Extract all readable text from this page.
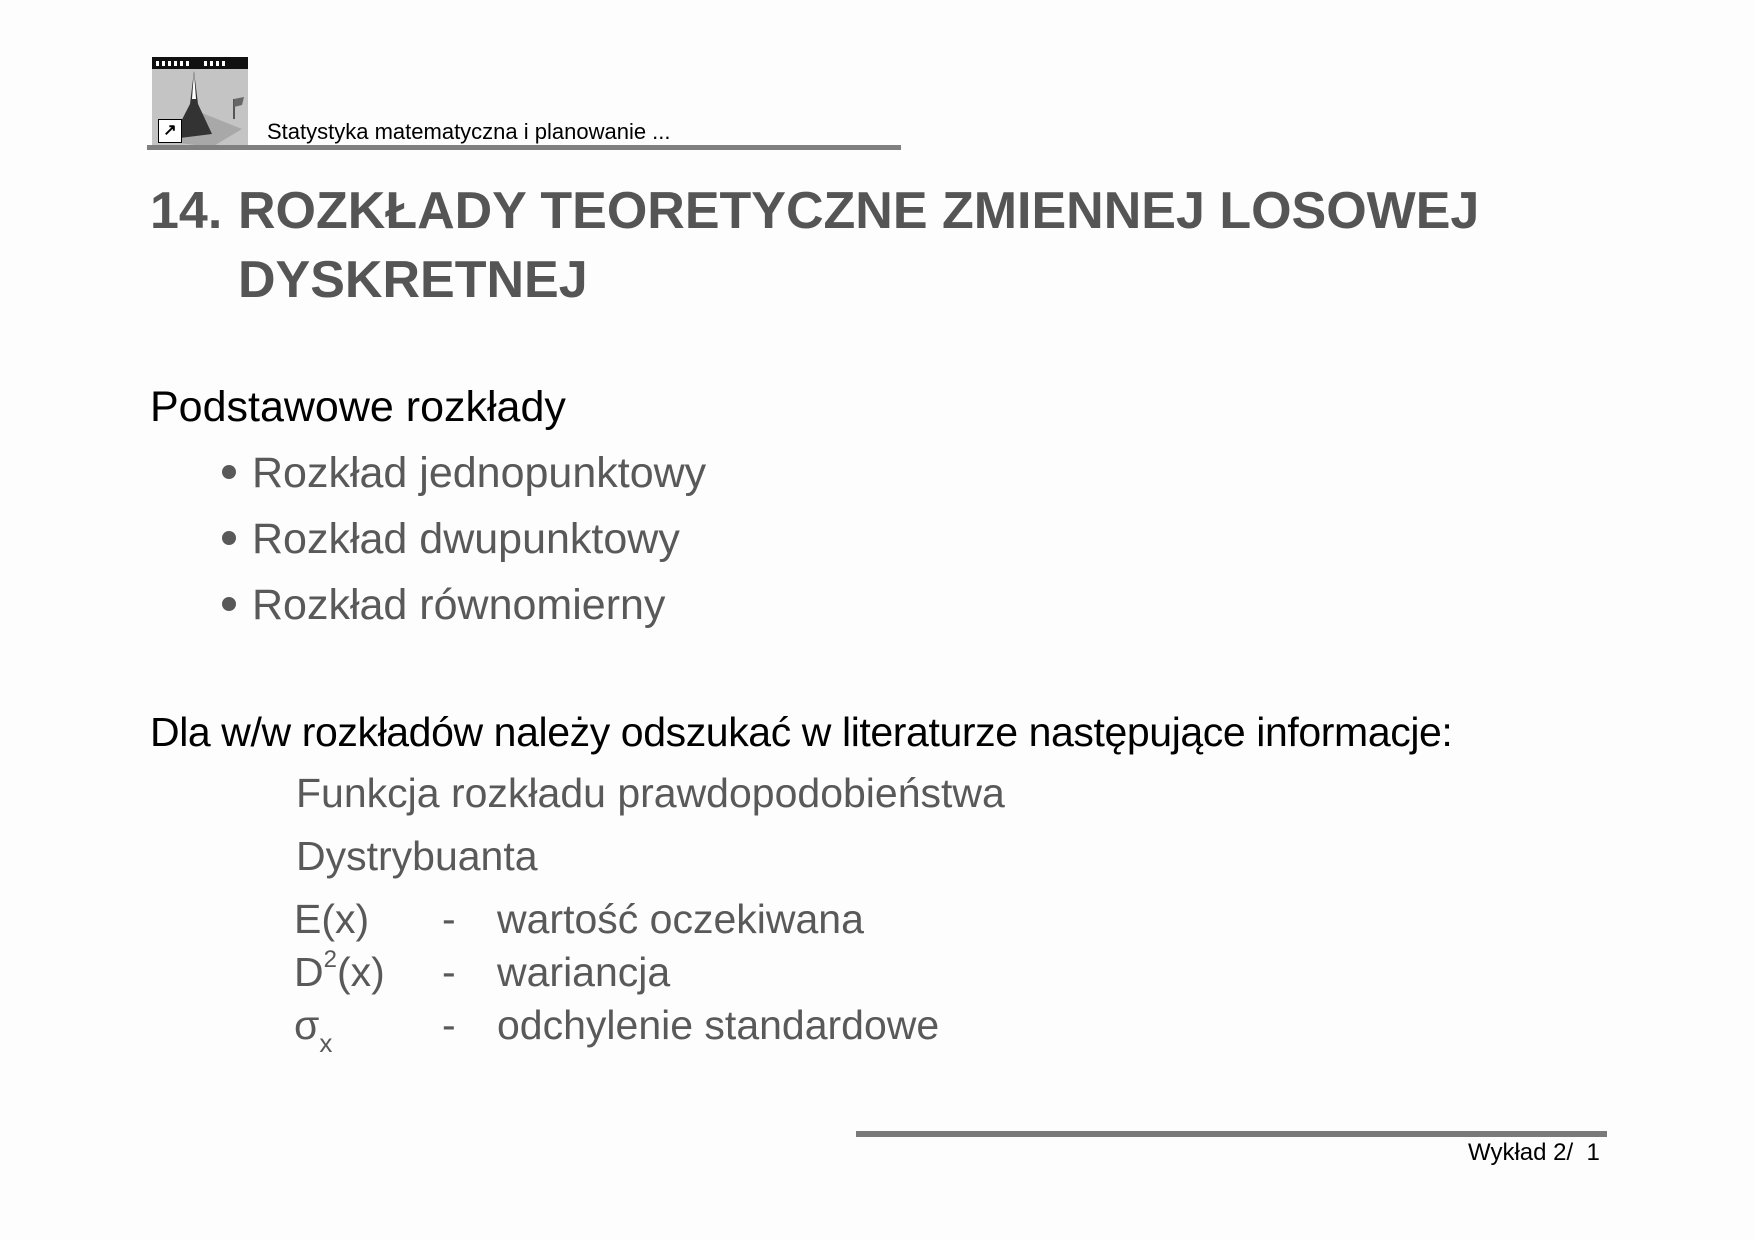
↗	Statystyka matematyczna i planowanie ...
14. ROZKŁADY TEORETYCZNE ZMIENNEJ LOSOWEJ
DYSKRETNEJ
Podstawowe rozkłady
Rozkład jednopunktowy
Rozkład dwupunktowy
Rozkład równomierny
Dla w/w rozkładów należy odszukać w literaturze następujące informacje:
Funkcja rozkładu prawdopodobieństwa
Dystrybuanta
E(x) - wartość oczekiwana
$D^2(x)$ - wariancja
$\sigma_x$	- odchylenie standardowe
Wykład 2/  1
